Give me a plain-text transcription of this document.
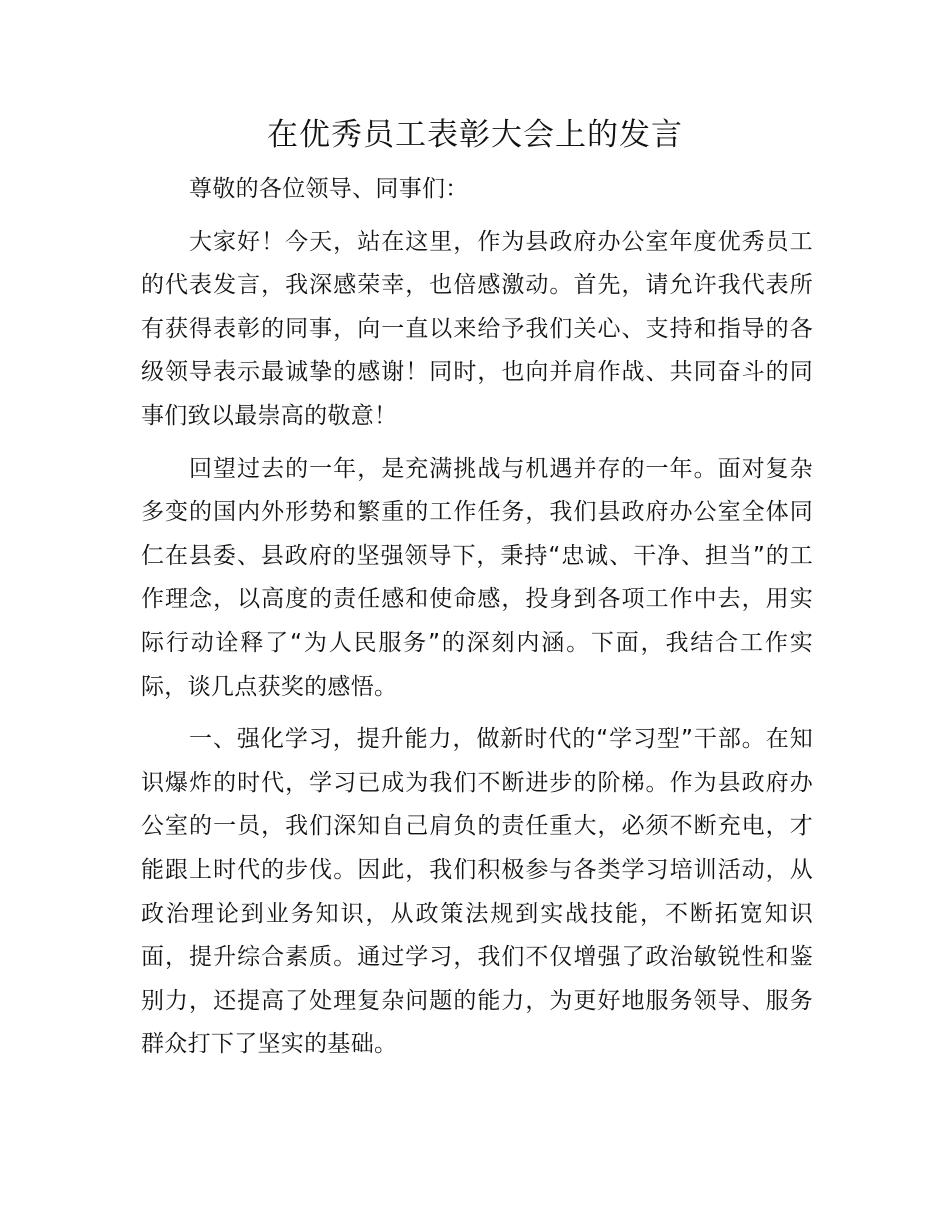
在优秀员工表彰大会上的发言

尊敬的各位领导、同事们：

大家好！今天，站在这里，作为县政府办公室年度优秀员工的代表发言，我深感荣幸，也倍感激动。首先，请允许我代表所有获得表彰的同事，向一直以来给予我们关心、支持和指导的各级领导表示最诚挚的感谢！同时，也向并肩作战、共同奋斗的同事们致以最崇高的敬意！

回望过去的一年，是充满挑战与机遇并存的一年。面对复杂多变的国内外形势和繁重的工作任务，我们县政府办公室全体同仁在县委、县政府的坚强领导下，秉持“忠诚、干净、担当”的工作理念，以高度的责任感和使命感，投身到各项工作中去，用实际行动诠释了“为人民服务”的深刻内涵。下面，我结合工作实际，谈几点获奖的感悟。

一、强化学习，提升能力，做新时代的“学习型”干部。在知识爆炸的时代，学习已成为我们不断进步的阶梯。作为县政府办公室的一员，我们深知自己肩负的责任重大，必须不断充电，才能跟上时代的步伐。因此，我们积极参与各类学习培训活动，从政治理论到业务知识，从政策法规到实战技能，不断拓宽知识面，提升综合素质。通过学习，我们不仅增强了政治敏锐性和鉴别力，还提高了处理复杂问题的能力，为更好地服务领导、服务群众打下了坚实的基础。
